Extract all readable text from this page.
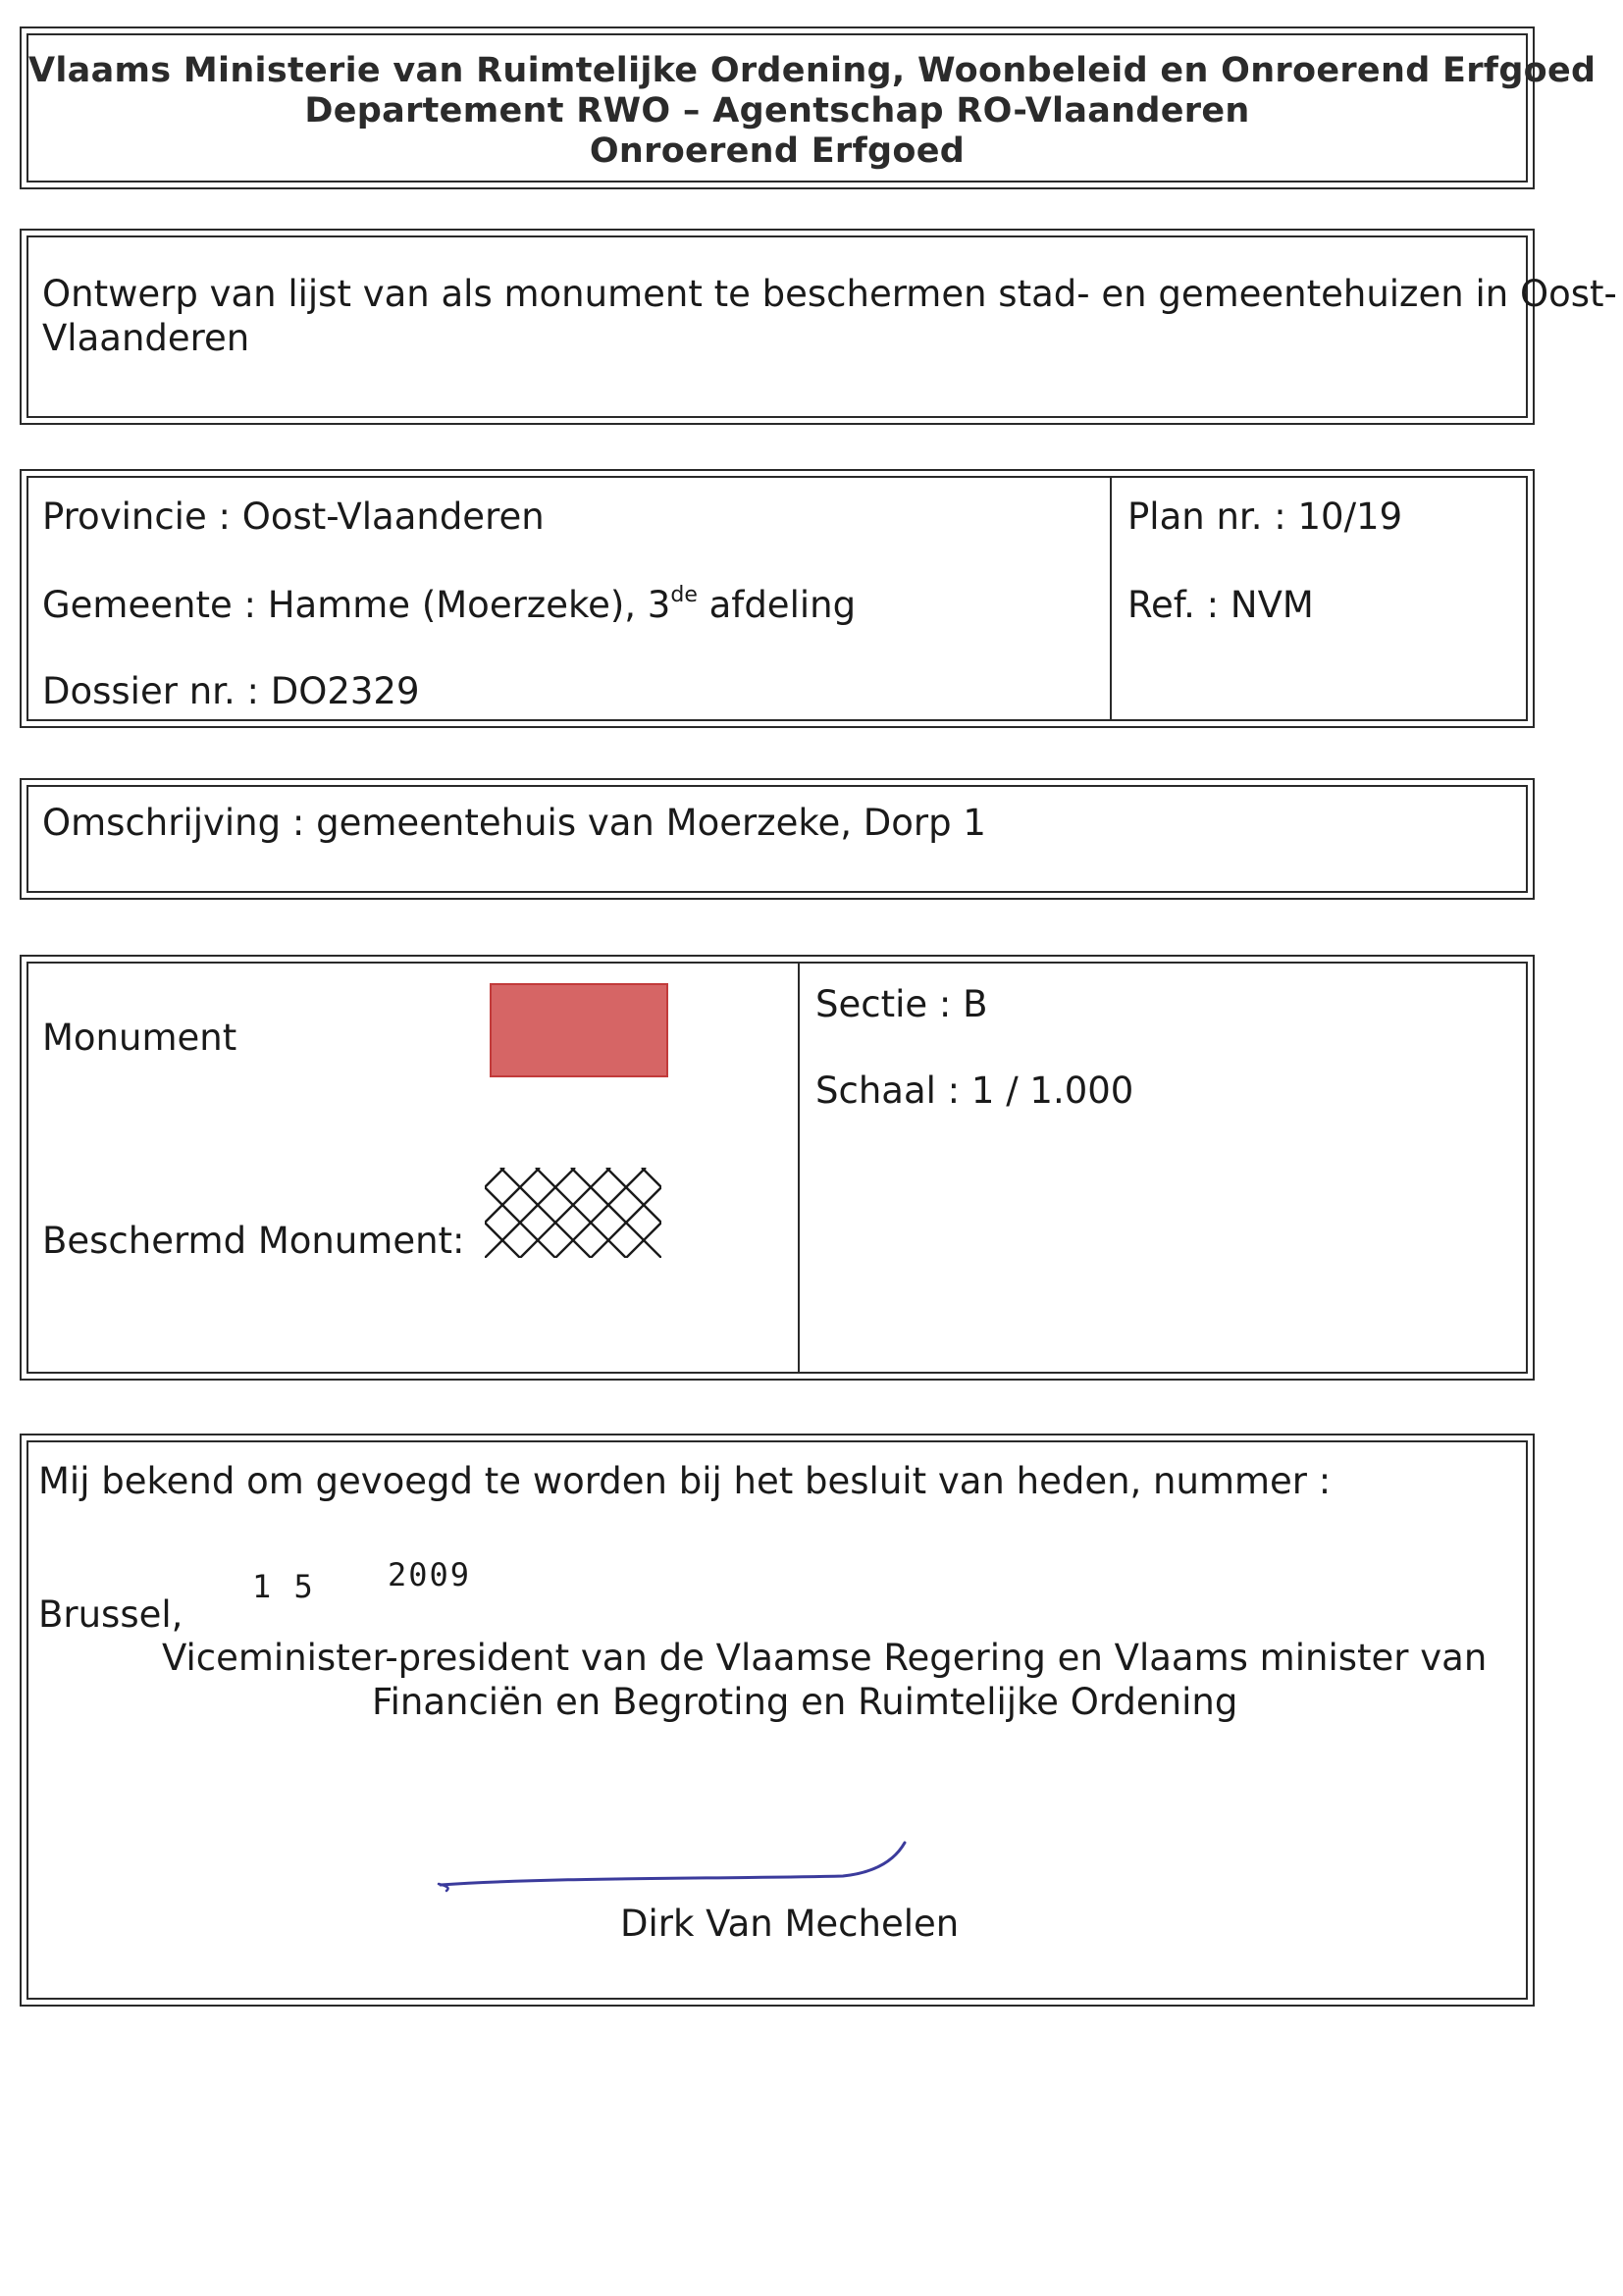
Vlaams Ministerie van Ruimtelijke Ordening, Woonbeleid en Onroerend Erfgoed
Departement RWO – Agentschap RO-Vlaanderen
Onroerend Erfgoed
Ontwerp van lijst van als monument te beschermen stad- en gemeentehuizen in Oost-
Vlaanderen
Provincie : Oost-Vlaanderen
Gemeente : Hamme (Moerzeke), 3de afdeling
Dossier nr. : DO2329
Plan nr. : 10/19
Ref. : NVM
Omschrijving : gemeentehuis van Moerzeke, Dorp 1
Monument
Beschermd Monument:
Sectie : B
Schaal : 1 / 1.000
Mij bekend om gevoegd te worden bij het besluit van heden, nummer :
1 5 2009
Brussel,
Viceminister-president van de Vlaamse Regering en Vlaams minister van
Financiën en Begroting en Ruimtelijke Ordening
Dirk Van Mechelen
